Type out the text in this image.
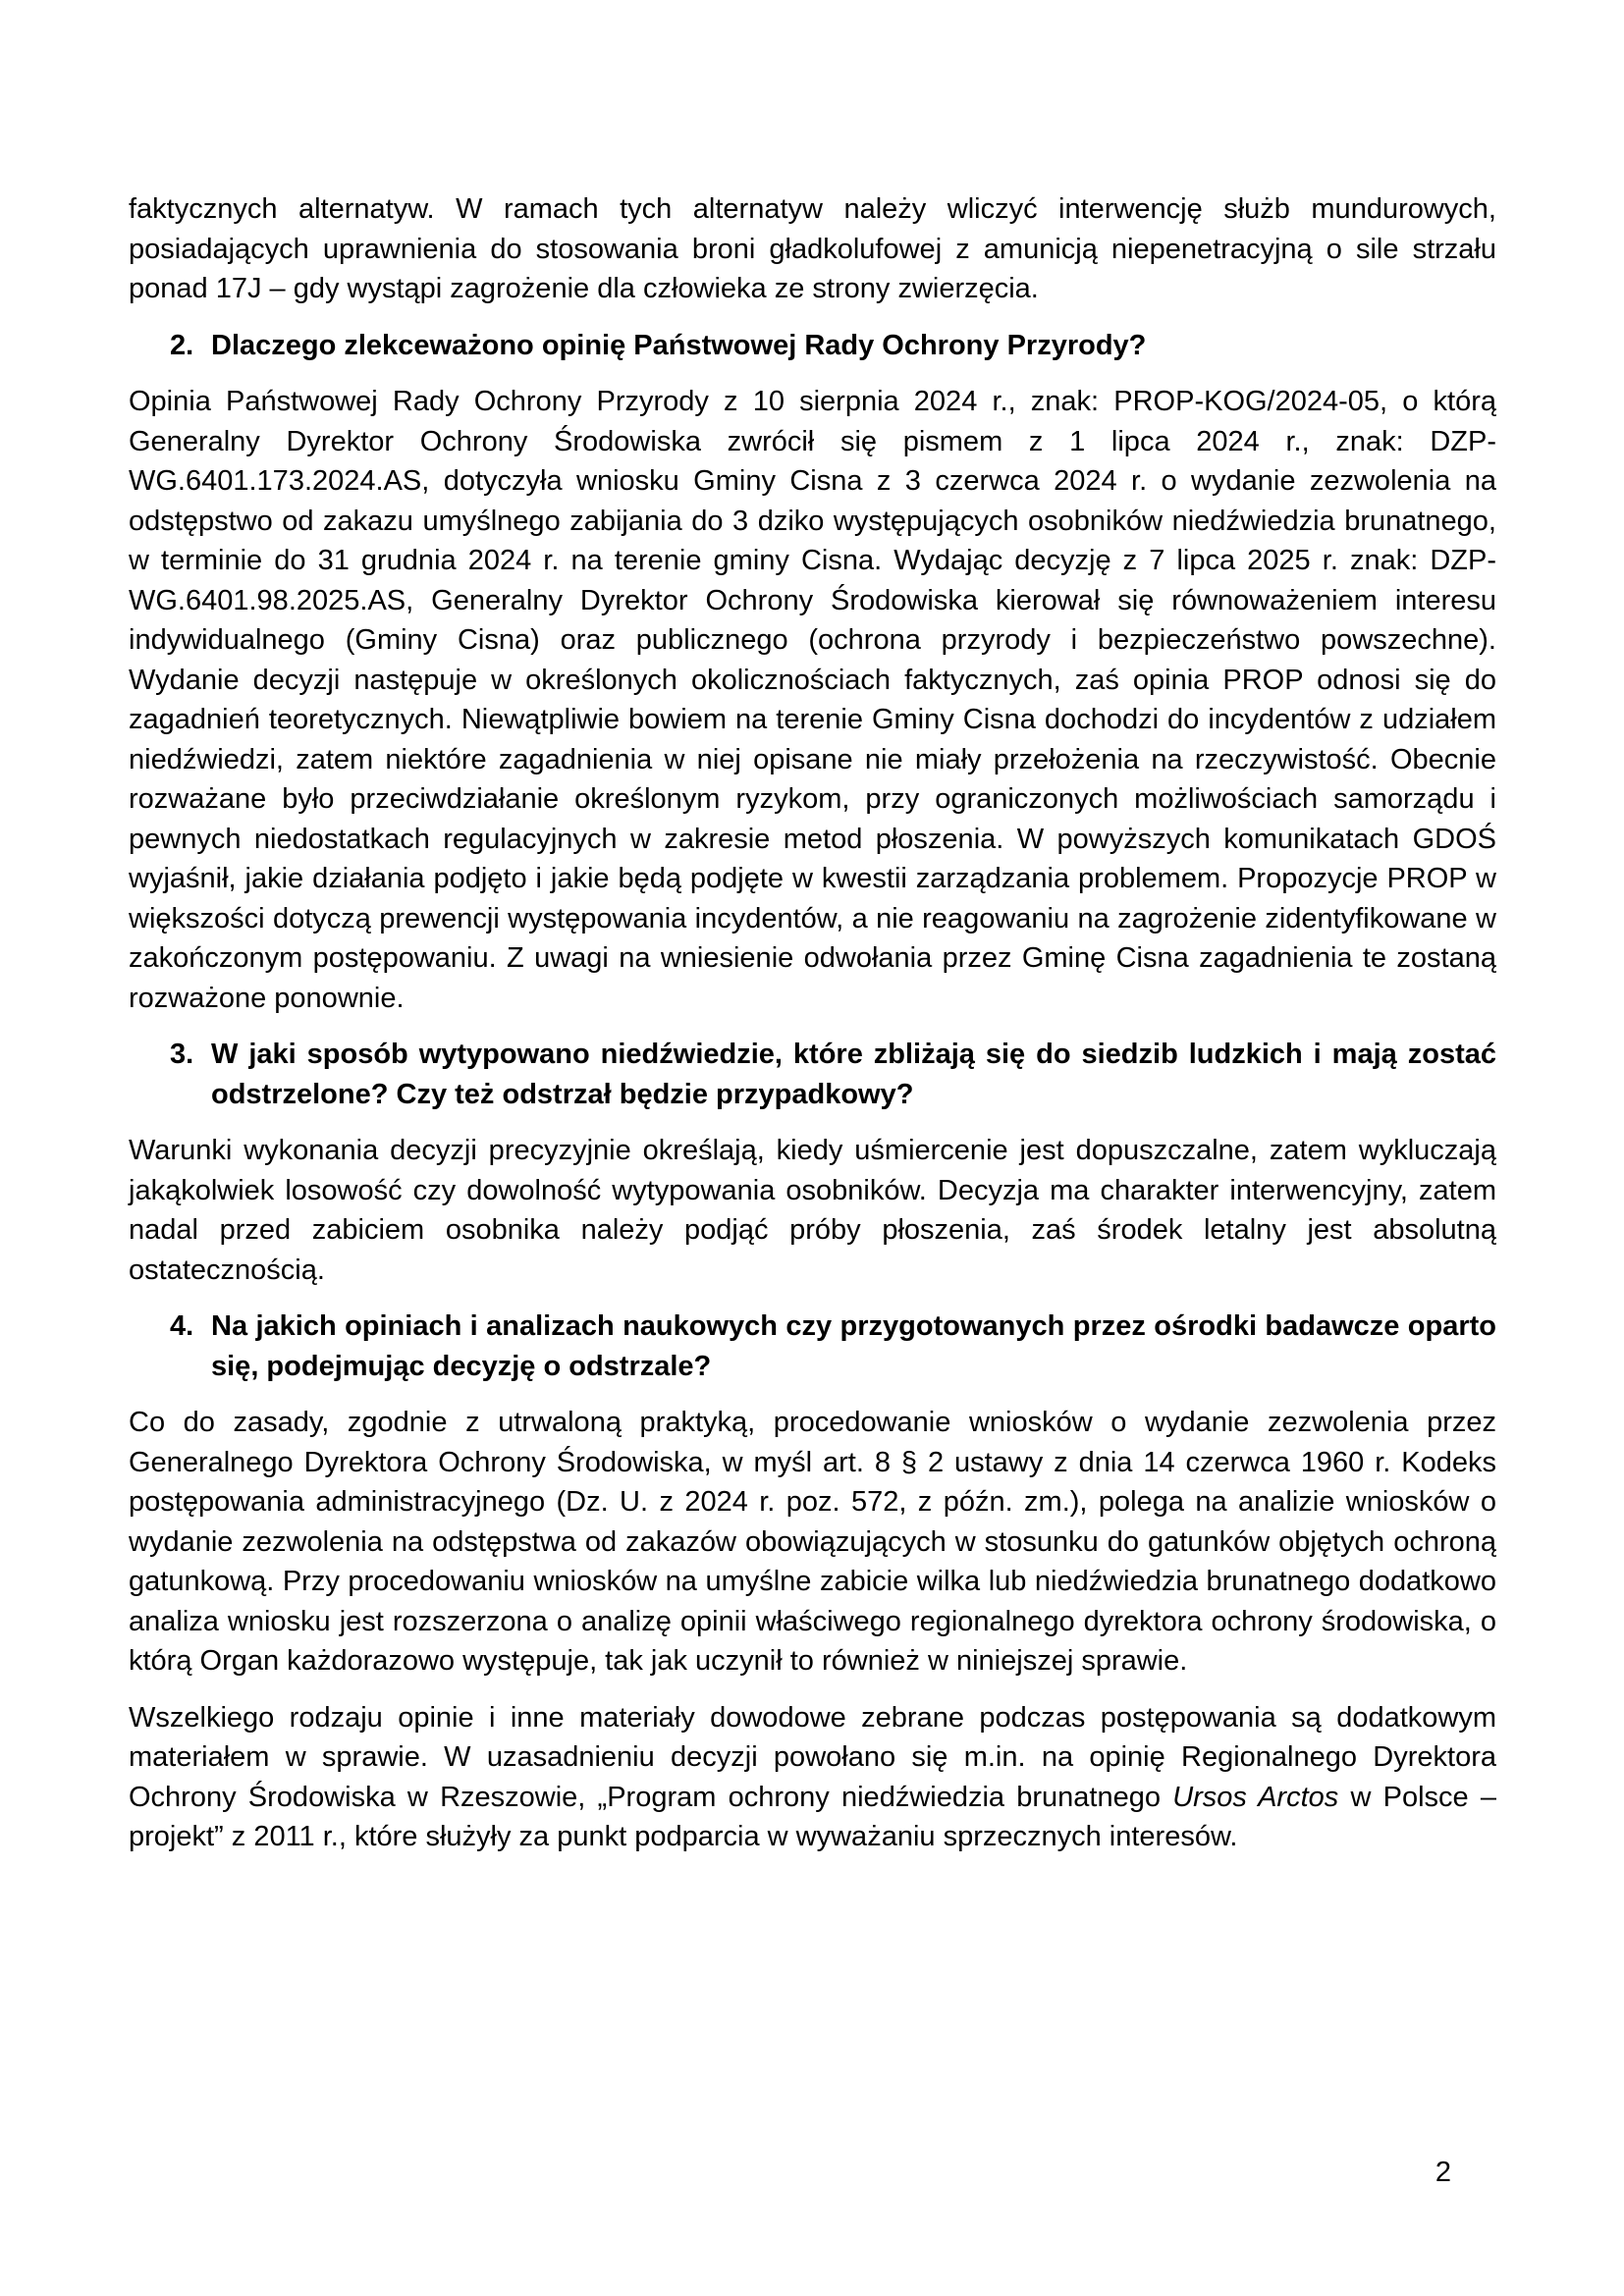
faktycznych alternatyw. W ramach tych alternatyw należy wliczyć interwencję służb mundurowych, posiadających uprawnienia do stosowania broni gładkolufowej z amunicją niepenetracyjną o sile strzału ponad 17J – gdy wystąpi zagrożenie dla człowieka ze strony zwierzęcia.

2. Dlaczego zlekceważono opinię Państwowej Rady Ochrony Przyrody?

Opinia Państwowej Rady Ochrony Przyrody z 10 sierpnia 2024 r., znak: PROP-KOG/2024-05, o którą Generalny Dyrektor Ochrony Środowiska zwrócił się pismem z 1 lipca 2024 r., znak: DZP-WG.6401.173.2024.AS, dotyczyła wniosku Gminy Cisna z 3 czerwca 2024 r. o wydanie zezwolenia na odstępstwo od zakazu umyślnego zabijania do 3 dziko występujących osobników niedźwiedzia brunatnego, w terminie do 31 grudnia 2024 r. na terenie gminy Cisna. Wydając decyzję z 7 lipca 2025 r. znak: DZP-WG.6401.98.2025.AS, Generalny Dyrektor Ochrony Środowiska kierował się równoważeniem interesu indywidualnego (Gminy Cisna) oraz publicznego (ochrona przyrody i bezpieczeństwo powszechne). Wydanie decyzji następuje w określonych okolicznościach faktycznych, zaś opinia PROP odnosi się do zagadnień teoretycznych. Niewątpliwie bowiem na terenie Gminy Cisna dochodzi do incydentów z udziałem niedźwiedzi, zatem niektóre zagadnienia w niej opisane nie miały przełożenia na rzeczywistość. Obecnie rozważane było przeciwdziałanie określonym ryzykom, przy ograniczonych możliwościach samorządu i pewnych niedostatkach regulacyjnych w zakresie metod płoszenia. W powyższych komunikatach GDOŚ wyjaśnił, jakie działania podjęto i jakie będą podjęte w kwestii zarządzania problemem. Propozycje PROP w większości dotyczą prewencji występowania incydentów, a nie reagowaniu na zagrożenie zidentyfikowane w zakończonym postępowaniu. Z uwagi na wniesienie odwołania przez Gminę Cisna zagadnienia te zostaną rozważone ponownie.

3. W jaki sposób wytypowano niedźwiedzie, które zbliżają się do siedzib ludzkich i mają zostać odstrzelone? Czy też odstrzał będzie przypadkowy?

Warunki wykonania decyzji precyzyjnie określają, kiedy uśmiercenie jest dopuszczalne, zatem wykluczają jakąkolwiek losowość czy dowolność wytypowania osobników. Decyzja ma charakter interwencyjny, zatem nadal przed zabiciem osobnika należy podjąć próby płoszenia, zaś środek letalny jest absolutną ostatecznością.

4. Na jakich opiniach i analizach naukowych czy przygotowanych przez ośrodki badawcze oparto się, podejmując decyzję o odstrzale?

Co do zasady, zgodnie z utrwaloną praktyką, procedowanie wniosków o wydanie zezwolenia przez Generalnego Dyrektora Ochrony Środowiska, w myśl art. 8 § 2 ustawy z dnia 14 czerwca 1960 r. Kodeks postępowania administracyjnego (Dz. U. z 2024 r. poz. 572, z późn. zm.), polega na analizie wniosków o wydanie zezwolenia na odstępstwa od zakazów obowiązujących w stosunku do gatunków objętych ochroną gatunkową. Przy procedowaniu wniosków na umyślne zabicie wilka lub niedźwiedzia brunatnego dodatkowo analiza wniosku jest rozszerzona o analizę opinii właściwego regionalnego dyrektora ochrony środowiska, o którą Organ każdorazowo występuje, tak jak uczynił to również w niniejszej sprawie.

Wszelkiego rodzaju opinie i inne materiały dowodowe zebrane podczas postępowania są dodatkowym materiałem w sprawie. W uzasadnieniu decyzji powołano się m.in. na opinię Regionalnego Dyrektora Ochrony Środowiska w Rzeszowie, „Program ochrony niedźwiedzia brunatnego Ursos Arctos w Polsce – projekt” z 2011 r., które służyły za punkt podparcia w wyważaniu sprzecznych interesów.

2
